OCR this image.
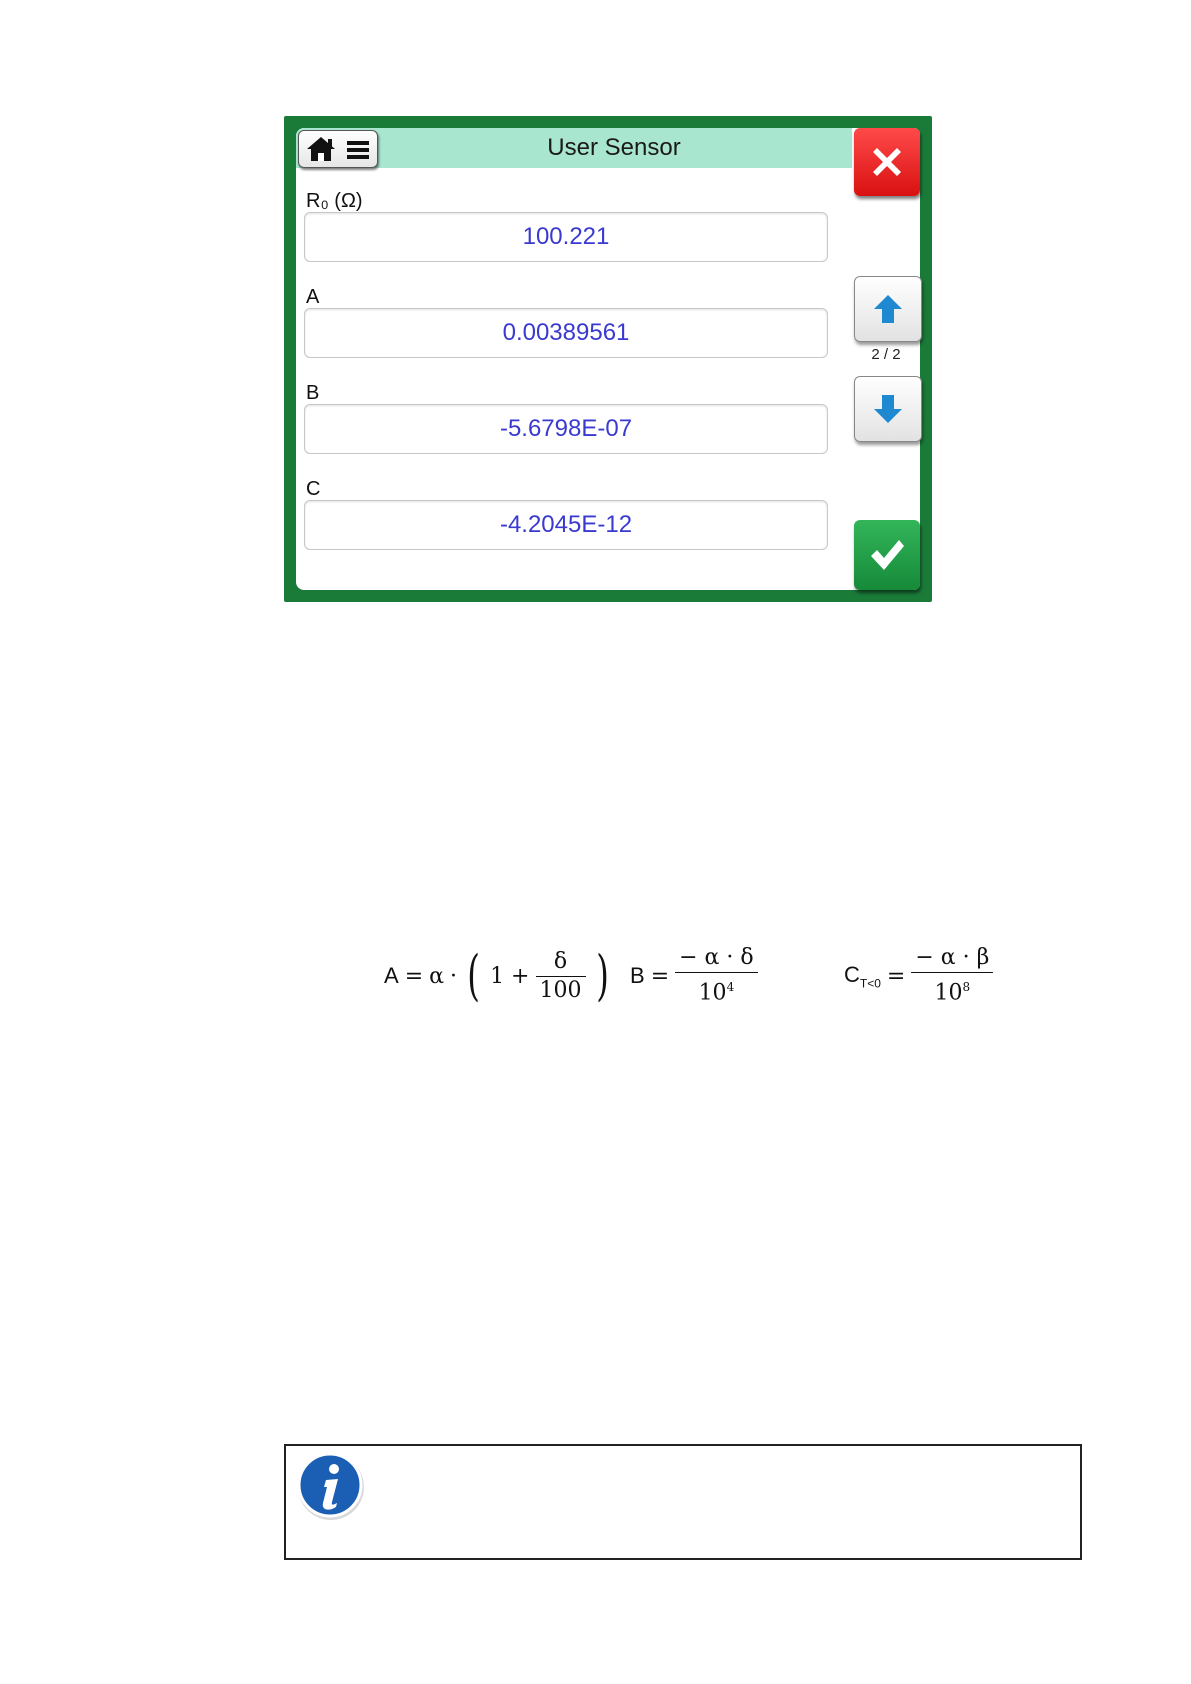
User Sensor
R₀ (Ω)
100.221
A
0.00389561
B
-5.6798E-07
C
-4.2045E-12
2 / 2
A = α · ( $1 + \frac{\delta}{100}$ ) $B = \frac{- \alpha \cdot \delta}{10^4}$	$C_{T<0} = \frac{- \alpha \cdot \beta}{10^8}$
